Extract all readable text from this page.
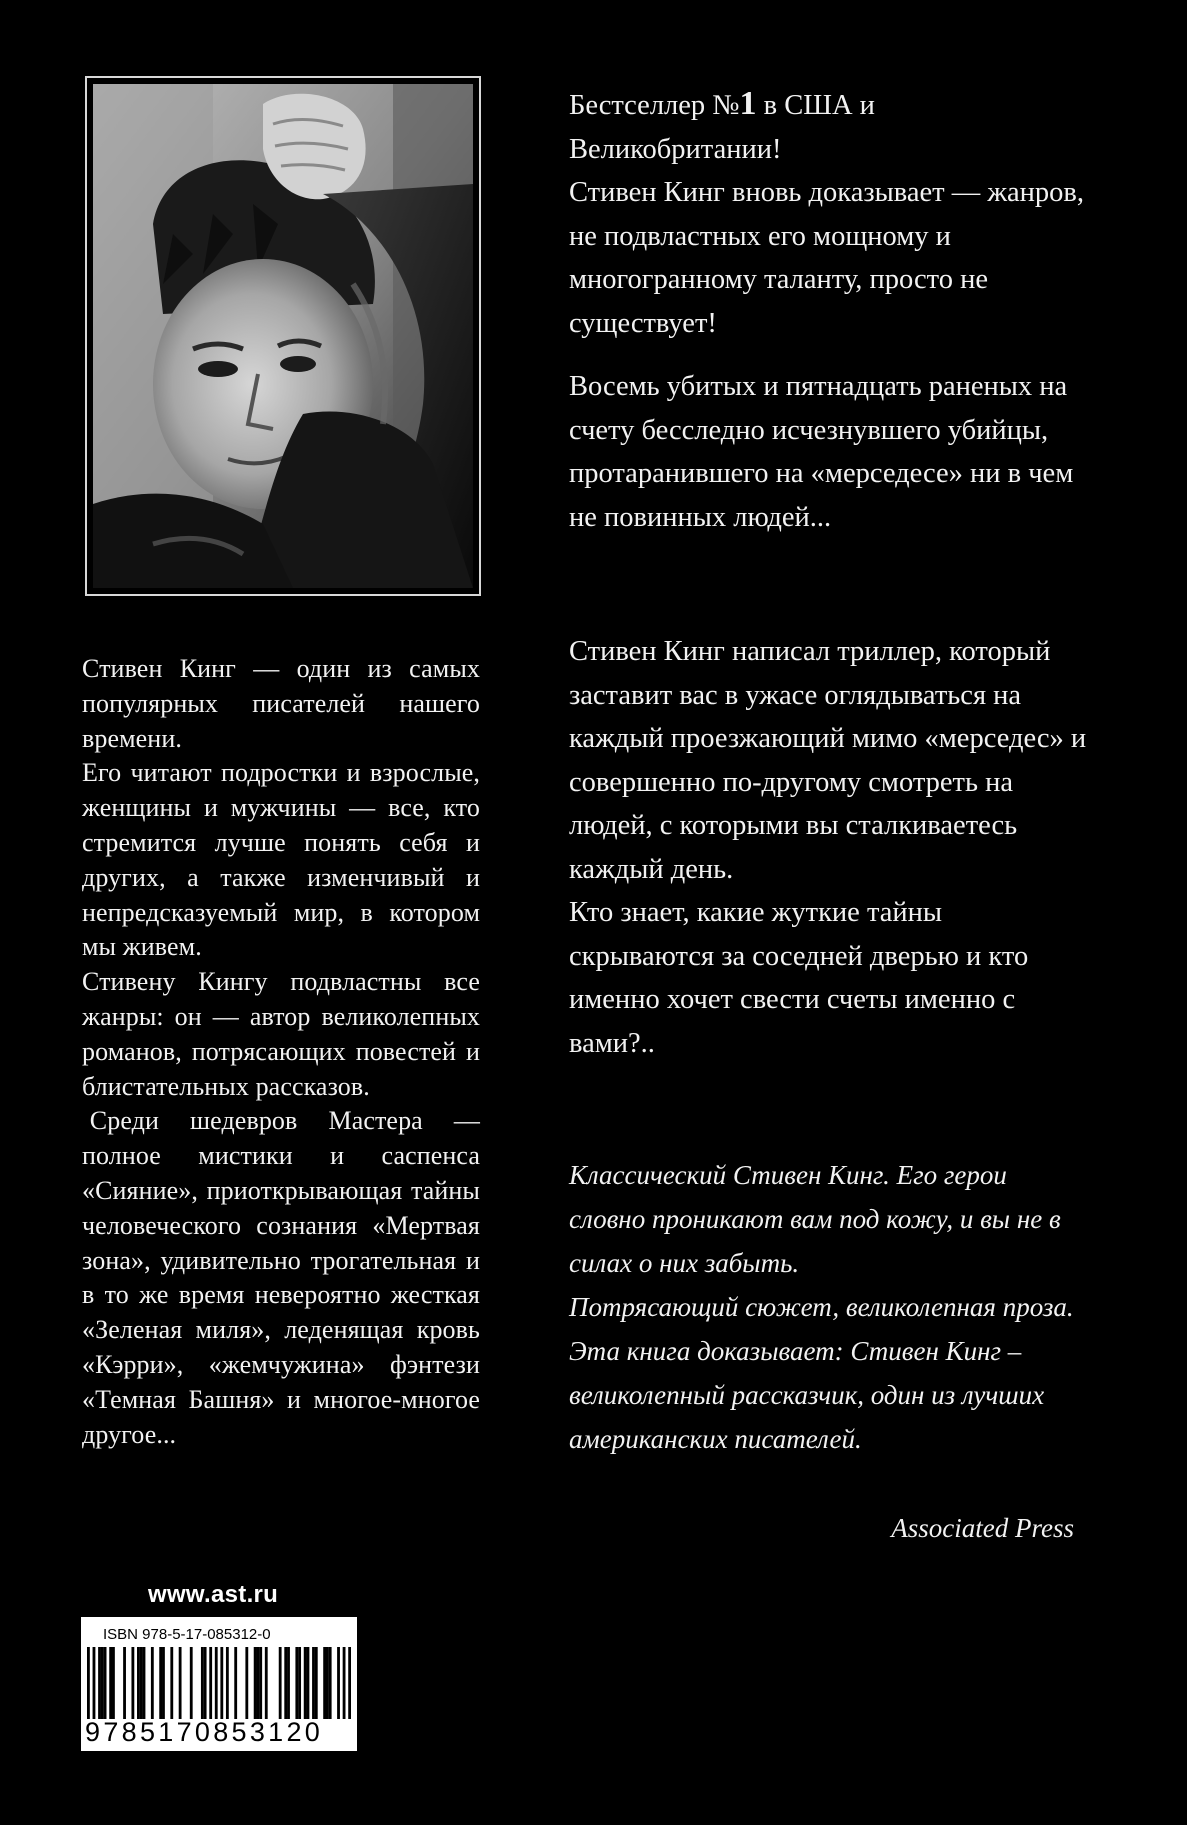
Стивен Кинг — один из самых популярных писателей нашего времени.

Его читают подростки и взрослые, женщины и мужчины — все, кто стремится лучше понять себя и других, а также изменчивый и непредсказуемый мир, в котором мы живем.

Стивену Кингу подвластны все жанры: он — автор великолепных романов, потрясающих повестей и блистательных рассказов.

Среди шедевров Мастера — полное мистики и саспенса «Сияние», приоткрывающая тайны человеческого сознания «Мертвая зона», удивительно трогательная и в то же время невероятно жесткая «Зеленая миля», леденящая кровь «Кэрри», «жемчужина» фэнтези «Темная Башня» и многое-многое другое...

www.ast.ru
ISBN 978-5-17-085312-0
9785170853120

Бестселлер №1 в США и Великобритании!

Стивен Кинг вновь доказывает — жанров, не подвластных его мощному и многогранному таланту, просто не существует!

Восемь убитых и пятнадцать раненых на счету бесследно исчезнувшего убийцы, протаранившего на «мерседесе» ни в чем не повинных людей...

Стивен Кинг написал триллер, который заставит вас в ужасе оглядываться на каждый проезжающий мимо «мерседес» и совершенно по-другому смотреть на людей, с которыми вы сталкиваетесь каждый день.

Кто знает, какие жуткие тайны скрываются за соседней дверью и кто именно хочет свести счеты именно с вами?..

Классический Стивен Кинг. Его герои словно проникают вам под кожу, и вы не в силах о них забыть.

Потрясающий сюжет, великолепная проза. Эта книга доказывает: Стивен Кинг – великолепный рассказчик, один из лучших американских писателей.

Associated Press
